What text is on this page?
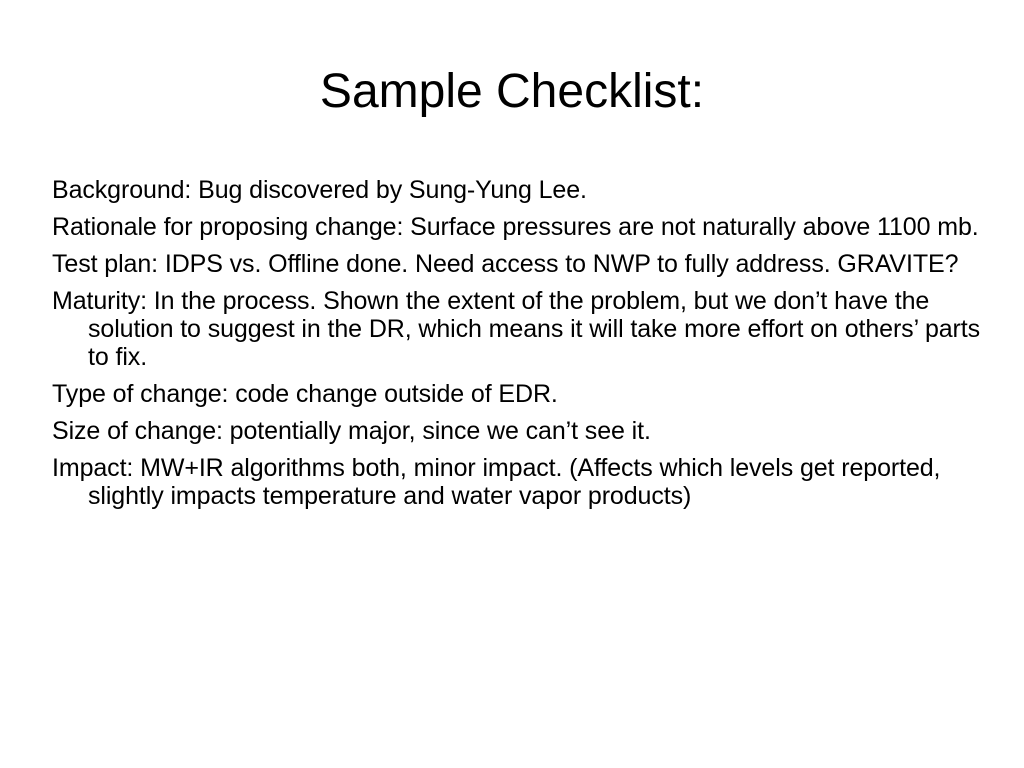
Sample Checklist:
Background: Bug discovered by Sung-Yung Lee.
Rationale for proposing change: Surface pressures are not naturally above 1100 mb.
Test plan: IDPS vs. Offline done. Need access to NWP to fully address. GRAVITE?
Maturity: In the process. Shown the extent of the problem, but we don’t have the solution to suggest in the DR, which means it will take more effort on others’ parts to fix.
Type of change: code change outside of EDR.
Size of change: potentially major, since we can’t see it.
Impact: MW+IR algorithms both, minor impact. (Affects which levels get reported, slightly impacts temperature and water vapor products)
